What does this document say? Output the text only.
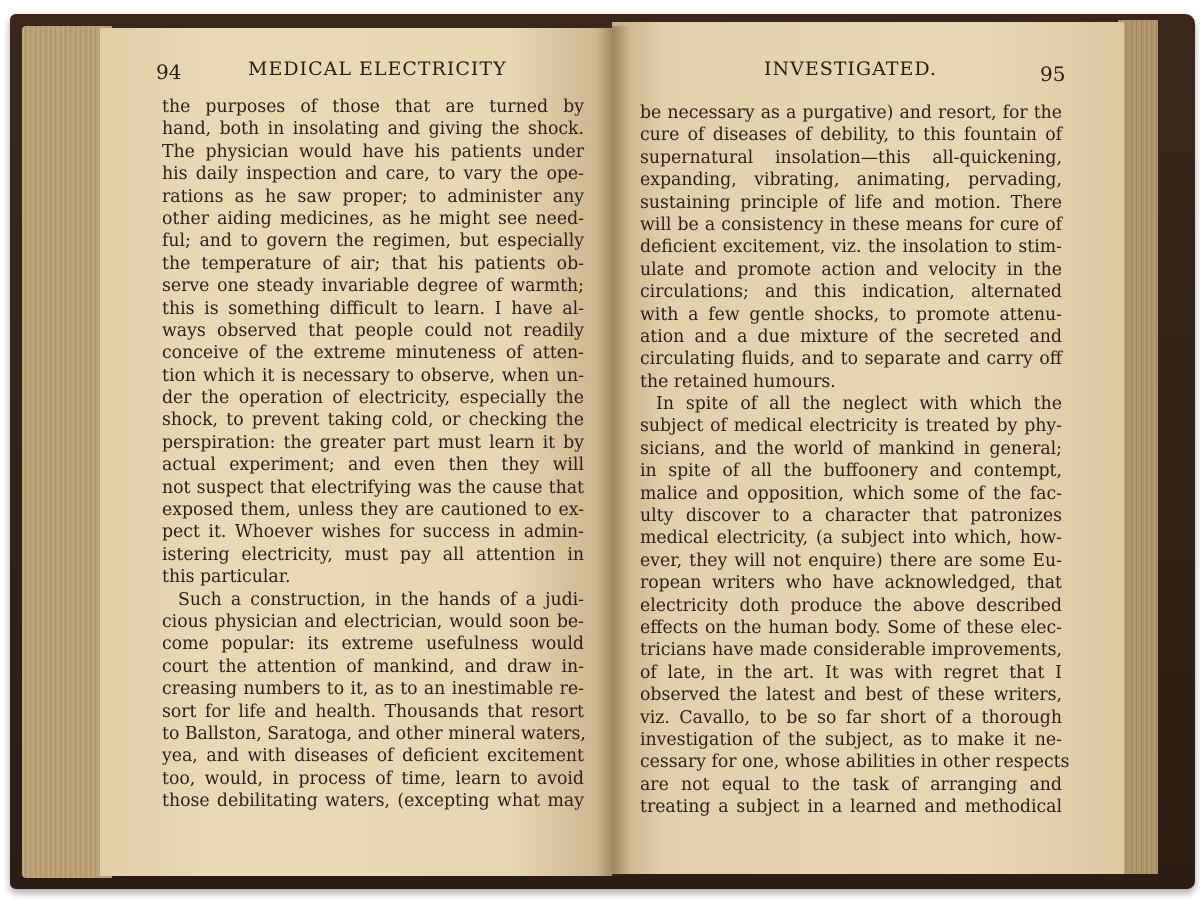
94	MEDICAL ELECTRICITY
the purposes of those that are turned by
hand, both in insolating and giving the shock.
The physician would have his patients under
his daily inspection and care, to vary the ope-
rations as he saw proper; to administer any
other aiding medicines, as he might see need-
ful; and to govern the regimen, but especially
the temperature of air; that his patients ob-
serve one steady invariable degree of warmth;
this is something difficult to learn. I have al-
ways observed that people could not readily
conceive of the extreme minuteness of atten-
tion which it is necessary to observe, when un-
der the operation of electricity, especially the
shock, to prevent taking cold, or checking the
perspiration: the greater part must learn it by
actual experiment; and even then they will
not suspect that electrifying was the cause that
exposed them, unless they are cautioned to ex-
pect it. Whoever wishes for success in admin-
istering electricity, must pay all attention in
this particular.
Such a construction, in the hands of a judi-
cious physician and electrician, would soon be-
come popular: its extreme usefulness would
court the attention of mankind, and draw in-
creasing numbers to it, as to an inestimable re-
sort for life and health. Thousands that resort
to Ballston, Saratoga, and other mineral waters,
yea, and with diseases of deficient excitement
too, would, in process of time, learn to avoid
those debilitating waters, (excepting what may
INVESTIGATED.	95
be necessary as a purgative) and resort, for the
cure of diseases of debility, to this fountain of
supernatural insolation—this all-quickening,
expanding, vibrating, animating, pervading,
sustaining principle of life and motion. There
will be a consistency in these means for cure of
deficient excitement, viz. the insolation to stim-
ulate and promote action and velocity in the
circulations; and this indication, alternated
with a few gentle shocks, to promote attenu-
ation and a due mixture of the secreted and
circulating fluids, and to separate and carry off
the retained humours.
In spite of all the neglect with which the
subject of medical electricity is treated by phy-
sicians, and the world of mankind in general;
in spite of all the buffoonery and contempt,
malice and opposition, which some of the fac-
ulty discover to a character that patronizes
medical electricity, (a subject into which, how-
ever, they will not enquire) there are some Eu-
ropean writers who have acknowledged, that
electricity doth produce the above described
effects on the human body. Some of these elec-
tricians have made considerable improvements,
of late, in the art. It was with regret that I
observed the latest and best of these writers,
viz. Cavallo, to be so far short of a thorough
investigation of the subject, as to make it ne-
cessary for one, whose abilities in other respects
are not equal to the task of arranging and
treating a subject in a learned and methodical
